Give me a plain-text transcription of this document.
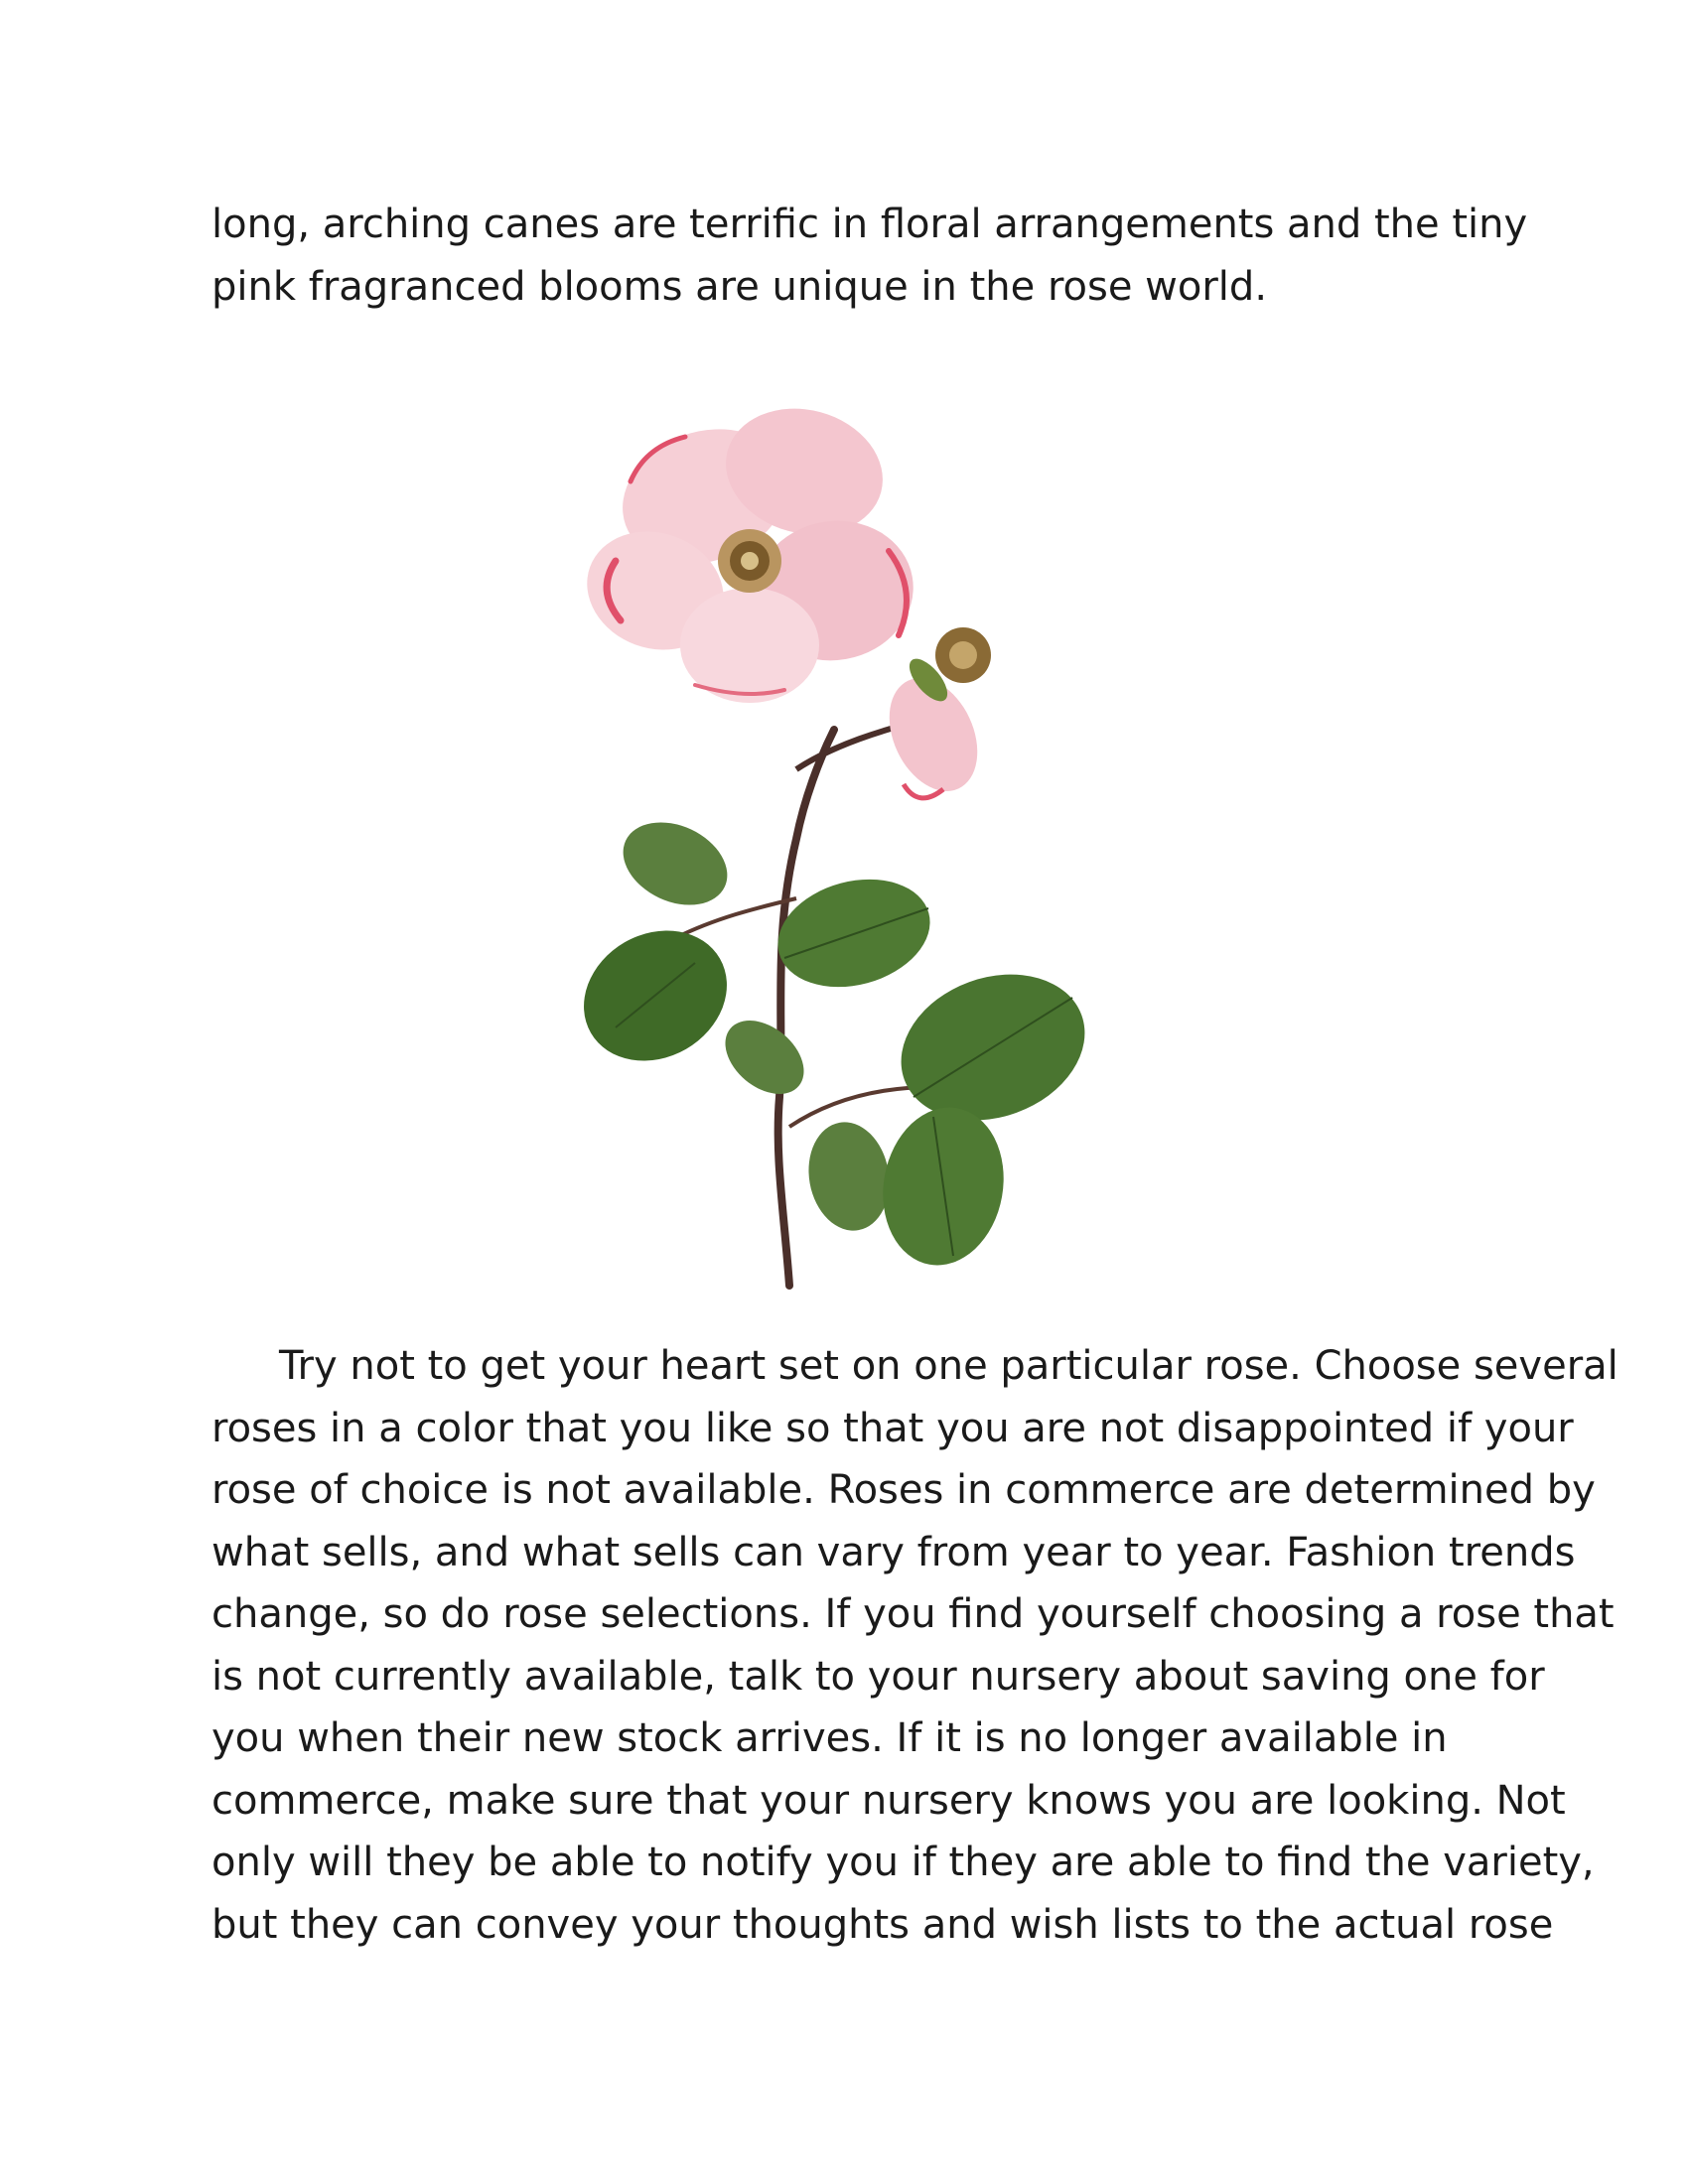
long, arching canes are terrific in floral arrangements and the tiny
pink fragranced blooms are unique in the rose world.

Try not to get your heart set on one particular rose. Choose several
roses in a color that you like so that you are not disappointed if your
rose of choice is not available. Roses in commerce are determined by
what sells, and what sells can vary from year to year. Fashion trends
change, so do rose selections. If you find yourself choosing a rose that
is not currently available, talk to your nursery about saving one for
you when their new stock arrives. If it is no longer available in
commerce, make sure that your nursery knows you are looking. Not
only will they be able to notify you if they are able to find the variety,
but they can convey your thoughts and wish lists to the actual rose
